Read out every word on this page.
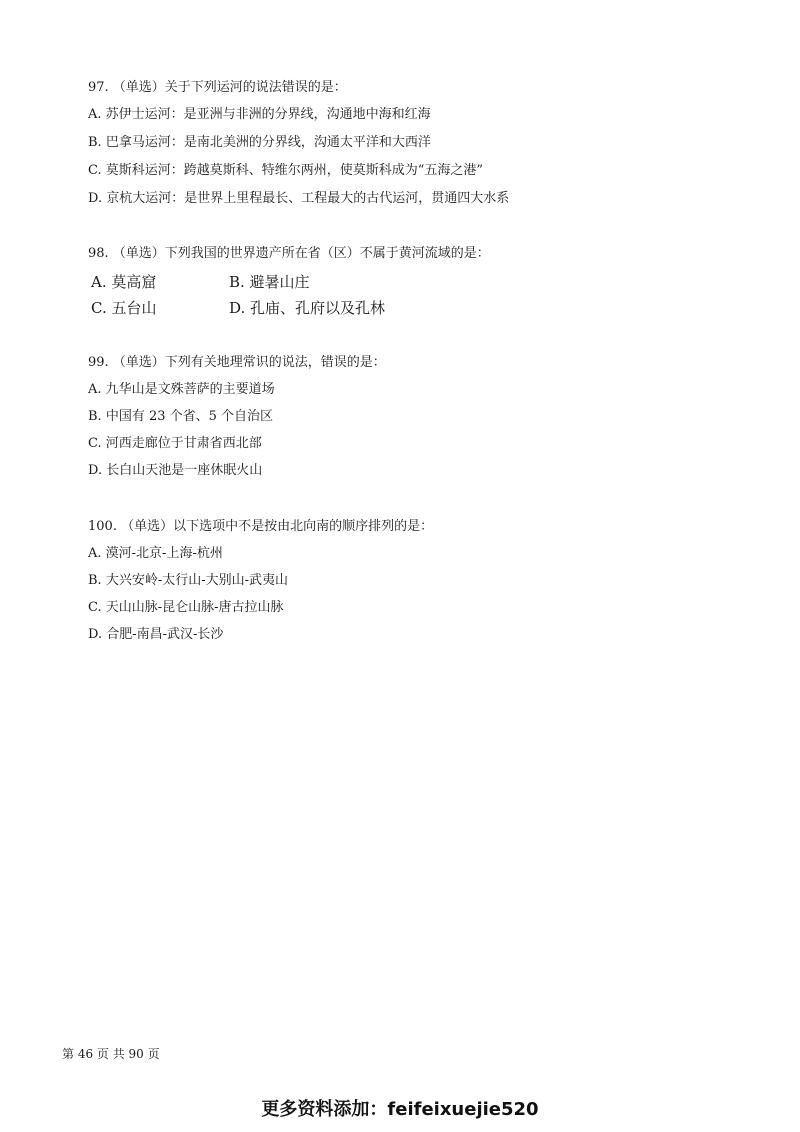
97. （单选）关于下列运河的说法错误的是：
A. 苏伊士运河：是亚洲与非洲的分界线，沟通地中海和红海
B. 巴拿马运河：是南北美洲的分界线，沟通太平洋和大西洋
C. 莫斯科运河：跨越莫斯科、特维尔两州，使莫斯科成为“五海之港”
D. 京杭大运河：是世界上里程最长、工程最大的古代运河，贯通四大水系
98. （单选）下列我国的世界遗产所在省（区）不属于黄河流域的是：
A. 莫高窟	B. 避暑山庄
C. 五台山	D. 孔庙、孔府以及孔林
99. （单选）下列有关地理常识的说法，错误的是：
A. 九华山是文殊菩萨的主要道场
B. 中国有 23 个省、5 个自治区
C. 河西走廊位于甘肃省西北部
D. 长白山天池是一座休眠火山
100. （单选）以下选项中不是按由北向南的顺序排列的是：
A. 漠河-北京-上海-杭州
B. 大兴安岭-太行山-大别山-武夷山
C. 天山山脉-昆仑山脉-唐古拉山脉
D. 合肥-南昌-武汉-长沙
第 46 页 共 90 页
更多资料添加：feifeixuejie520
